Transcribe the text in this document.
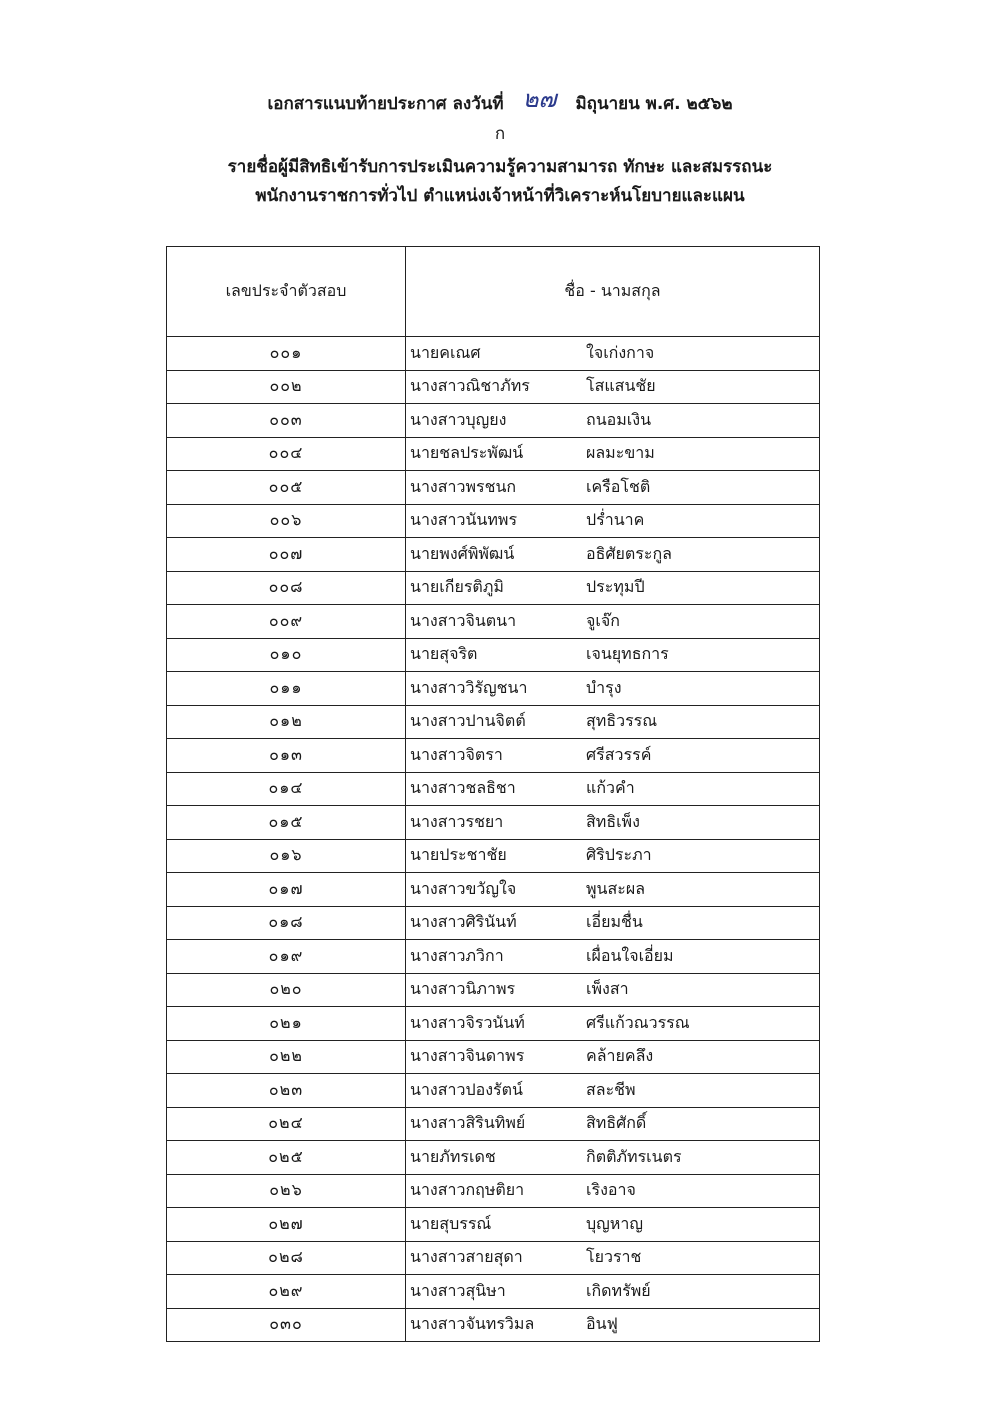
เอกสารแนบท้ายประกาศ ลงวันที่ ๒๗ มิถุนายน พ.ศ. ๒๕๖๒
ก
รายชื่อผู้มีสิทธิเข้ารับการประเมินความรู้ความสามารถ ทักษะ และสมรรถนะ
พนักงานราชการทั่วไป ตำแหน่งเจ้าหน้าที่วิเคราะห์นโยบายและแผน
เลขประจำตัวสอบ	ชื่อ - นามสกุล
๐๐๑	นายคเณศ ใจเก่งกาจ
๐๐๒	นางสาวณิชาภัทร โสแสนชัย
๐๐๓	นางสาวบุญยง ถนอมเงิน
๐๐๔	นายชลประพัฒน์ ผลมะขาม
๐๐๕	นางสาวพรชนก เครือโชติ
๐๐๖	นางสาวนันทพร ปร่ำนาค
๐๐๗	นายพงศ์พิพัฒน์ อธิศัยตระกูล
๐๐๘	นายเกียรติภูมิ ประทุมปี
๐๐๙	นางสาวจินตนา จูเจ๊ก
๐๑๐	นายสุจริต เจนยุทธการ
๐๑๑	นางสาววิรัญชนา บำรุง
๐๑๒	นางสาวปานจิตต์ สุทธิวรรณ
๐๑๓	นางสาวจิตรา ศรีสวรรค์
๐๑๔	นางสาวชลธิชา แก้วคำ
๐๑๕	นางสาวรชยา สิทธิเพ็ง
๐๑๖	นายประชาชัย ศิริประภา
๐๑๗	นางสาวขวัญใจ พูนสะผล
๐๑๘	นางสาวศิรินันท์ เอี่ยมชื่น
๐๑๙	นางสาวภวิกา เผื่อนใจเอี่ยม
๐๒๐	นางสาวนิภาพร เพ็งสา
๐๒๑	นางสาวจิรวนันท์ ศรีแก้วณวรรณ
๐๒๒	นางสาวจินดาพร คล้ายคลึง
๐๒๓	นางสาวปองรัตน์ สละชีพ
๐๒๔	นางสาวสิรินทิพย์ สิทธิศักดิ์
๐๒๕	นายภัทรเดช กิตติภัทรเนตร
๐๒๖	นางสาวกฤษติยา เริงอาจ
๐๒๗	นายสุบรรณ์ บุญหาญ
๐๒๘	นางสาวสายสุดา โยวราช
๐๒๙	นางสาวสุนิษา เกิดทรัพย์
๐๓๐	นางสาวจันทรวิมล อินฟู
